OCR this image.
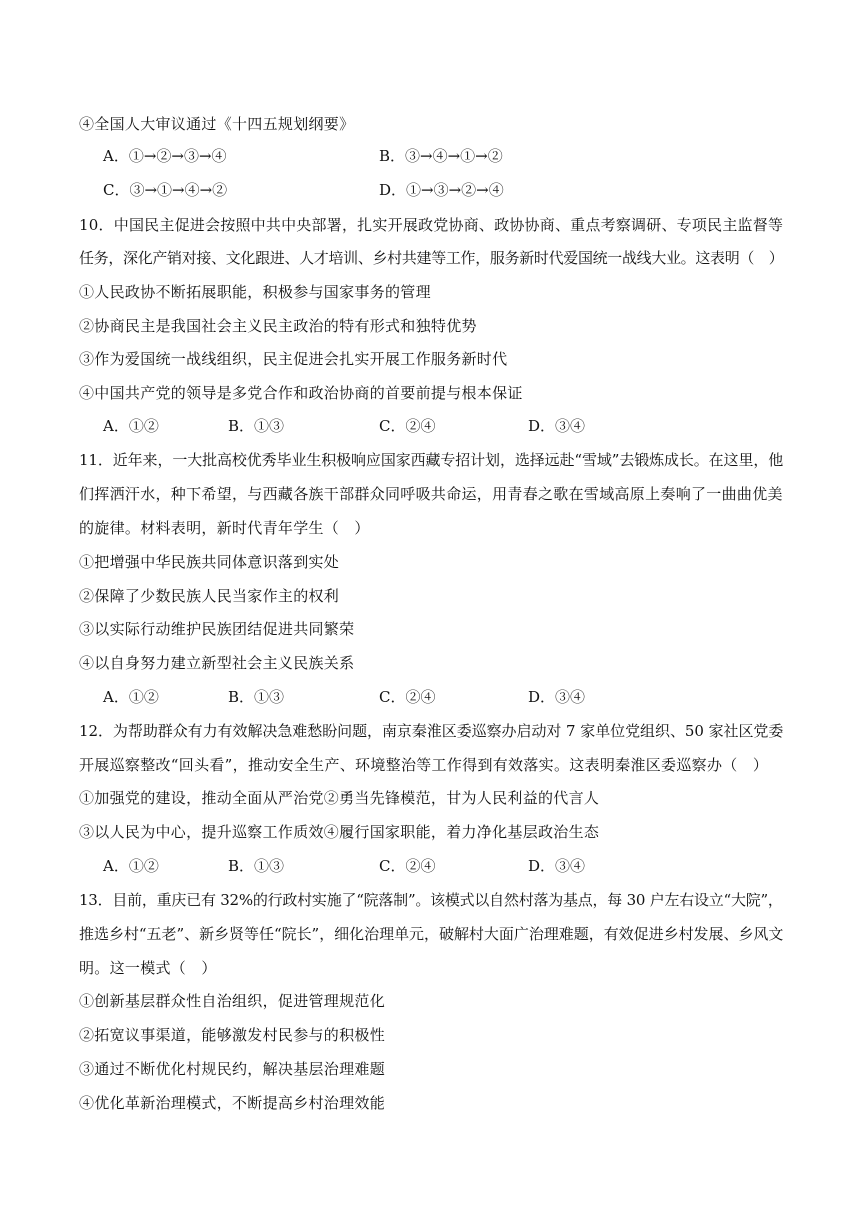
④全国人大审议通过《十四五规划纲要》
A．①→②→③→④	B．③→④→①→②
C．③→①→④→②	D．①→③→②→④
10．中国民主促进会按照中共中央部署，扎实开展政党协商、政协协商、重点考察调研、专项民主监督等
任务，深化产销对接、文化跟进、人才培训、乡村共建等工作，服务新时代爱国统一战线大业。这表明（　）
①人民政协不断拓展职能，积极参与国家事务的管理
②协商民主是我国社会主义民主政治的特有形式和独特优势
③作为爱国统一战线组织，民主促进会扎实开展工作服务新时代
④中国共产党的领导是多党合作和政治协商的首要前提与根本保证
A．①②	B．①③	C．②④	D．③④
11．近年来，一大批高校优秀毕业生积极响应国家西藏专招计划，选择远赴“雪域”去锻炼成长。在这里，他
们挥洒汗水，种下希望，与西藏各族干部群众同呼吸共命运，用青春之歌在雪域高原上奏响了一曲曲优美
的旋律。材料表明，新时代青年学生（　）
①把增强中华民族共同体意识落到实处
②保障了少数民族人民当家作主的权利
③以实际行动维护民族团结促进共同繁荣
④以自身努力建立新型社会主义民族关系
A．①②	B．①③	C．②④	D．③④
12．为帮助群众有力有效解决急难愁盼问题，南京秦淮区委巡察办启动对 7 家单位党组织、50 家社区党委
开展巡察整改“回头看”，推动安全生产、环境整治等工作得到有效落实。这表明秦淮区委巡察办（　）
①加强党的建设，推动全面从严治党②勇当先锋模范，甘为人民利益的代言人
③以人民为中心，提升巡察工作质效④履行国家职能，着力净化基层政治生态
A．①②	B．①③	C．②④	D．③④
13．目前，重庆已有 32%的行政村实施了“院落制”。该模式以自然村落为基点，每 30 户左右设立“大院”，
推选乡村“五老”、新乡贤等任“院长”，细化治理单元，破解村大面广治理难题，有效促进乡村发展、乡风文
明。这一模式（　）
①创新基层群众性自治组织，促进管理规范化
②拓宽议事渠道，能够激发村民参与的积极性
③通过不断优化村规民约，解决基层治理难题
④优化革新治理模式，不断提高乡村治理效能
